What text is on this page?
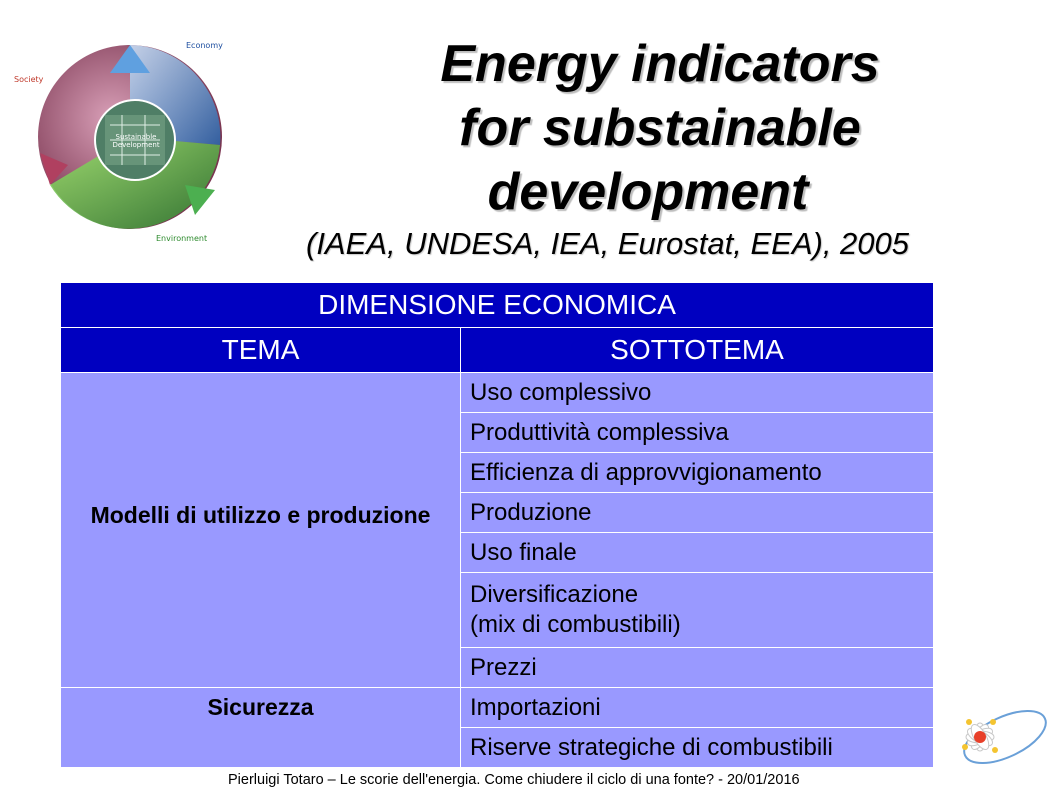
Society
Economy
Environment
Sustainable Development
Energy indicators
for substainable
development
(IAEA, UNDESA, IEA, Eurostat, EEA), 2005
DIMENSIONE ECONOMICA	
TEMA	SOTTOTEMA
Modelli di utilizzo e produzione	Uso complessivo
	Produttività complessiva
	Efficienza di approvvigionamento
	Produzione
	Uso finale
	Diversificazione
(mix di combustibili)
	Prezzi
Sicurezza	Importazioni
	Riserve strategiche di combustibili
Pierluigi Totaro – Le scorie dell'energia. Come chiudere il ciclo di una fonte? - 20/01/2016
